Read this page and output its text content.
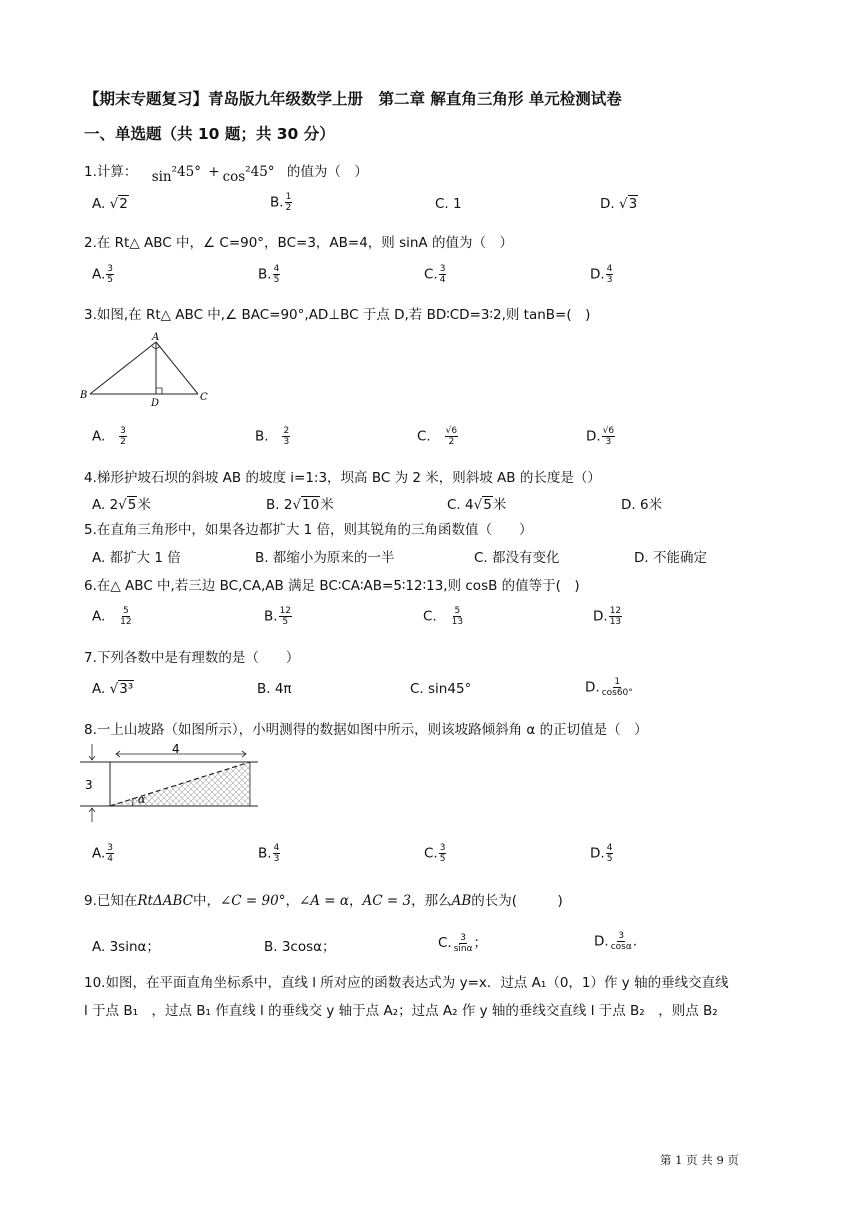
【期末专题复习】青岛版九年级数学上册　第二章 解直角三角形 单元检测试卷
一、单选题（共 10 题；共 30 分）
1.计算： sin²45° + cos²45° 的值为（　）
A. √2	B. $\frac{1}{2}$	C. 1	D. √3
2.在 Rt△ ABC 中，∠ C=90°，BC=3，AB=4，则 sinA 的值为（　）
A. $\frac{3}{5}$	B. $\frac{4}{5}$	C. $\frac{3}{4}$	D. $\frac{4}{3}$
3.如图,在 Rt△ ABC 中,∠ BAC=90°,AD⊥BC 于点 D,若 BD∶CD=3∶2,则 tanB=(　)
A
B	C
D
A. $\frac{3}{2}$	B. $\frac{2}{3}$	C. $\frac{√6}{2}$	D. $\frac{√6}{3}$
4.梯形护坡石坝的斜坡 AB 的坡度 i=1:3，坝高 BC 为 2 米，则斜坡 AB 的长度是（）
A. 2√5米	B. 2√10米	C. 4√5米	D. 6米
5.在直角三角形中，如果各边都扩大 1 倍，则其锐角的三角函数值（　　）
A. 都扩大 1 倍	B. 都缩小为原来的一半	C. 都没有变化	D. 不能确定
6.在△ ABC 中,若三边 BC,CA,AB 满足 BC∶CA∶AB=5∶12∶13,则 cosB 的值等于(　)
A. $\frac{5}{12}$	B. $\frac{12}{5}$	C. $\frac{5}{13}$	D. $\frac{12}{13}$
7.下列各数中是有理数的是（　　）
A. √3³	B. 4π	C. sin45°	D. $\frac{1}{\cos 60^\circ}$
8.一上山坡路（如图所示），小明测得的数据如图中所示，则该坡路倾斜角 α 的正切值是（　）
4
3
α
A. $\frac{3}{4}$	B. $\frac{4}{3}$	C. $\frac{3}{5}$	D. $\frac{4}{5}$
9.已知在RtΔABC中，∠C = 90°，∠A = α，AC = 3，那么AB的长为(　　　)
A. 3sinα；	B. 3cosα；	C. $\frac{3}{\sin\alpha}$ ；	D. $\frac{3}{\cos\alpha}$ .
10.如图，在平面直角坐标系中，直线 l 所对应的函数表达式为 y=x．过点 A₁（0，1）作 y 轴的垂线交直线
l 于点 B₁　，过点 B₁ 作直线 l 的垂线交 y 轴于点 A₂；过点 A₂ 作 y 轴的垂线交直线 l 于点 B₂　，则点 B₂
第 1 页 共 9 页
